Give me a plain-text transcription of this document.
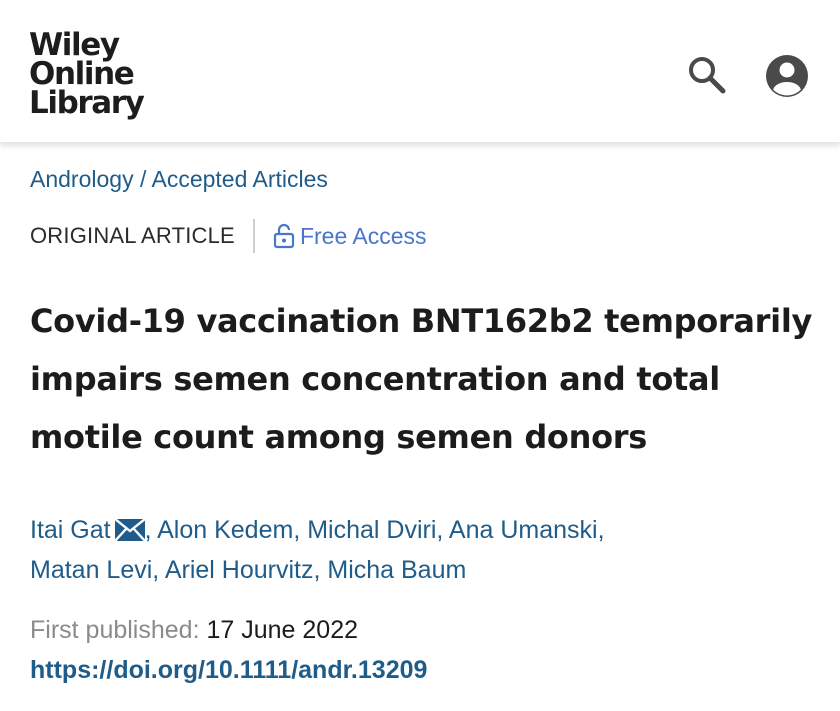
Wiley
Online
Library
Andrology / Accepted Articles
ORIGINAL ARTICLE	Free Access
Covid-19 vaccination BNT162b2 temporarily
impairs semen concentration and total
motile count among semen donors
Itai Gat , Alon Kedem, Michal Dviri, Ana Umanski,
Matan Levi, Ariel Hourvitz, Micha Baum
First published: 17 June 2022
https://doi.org/10.1111/andr.13209
